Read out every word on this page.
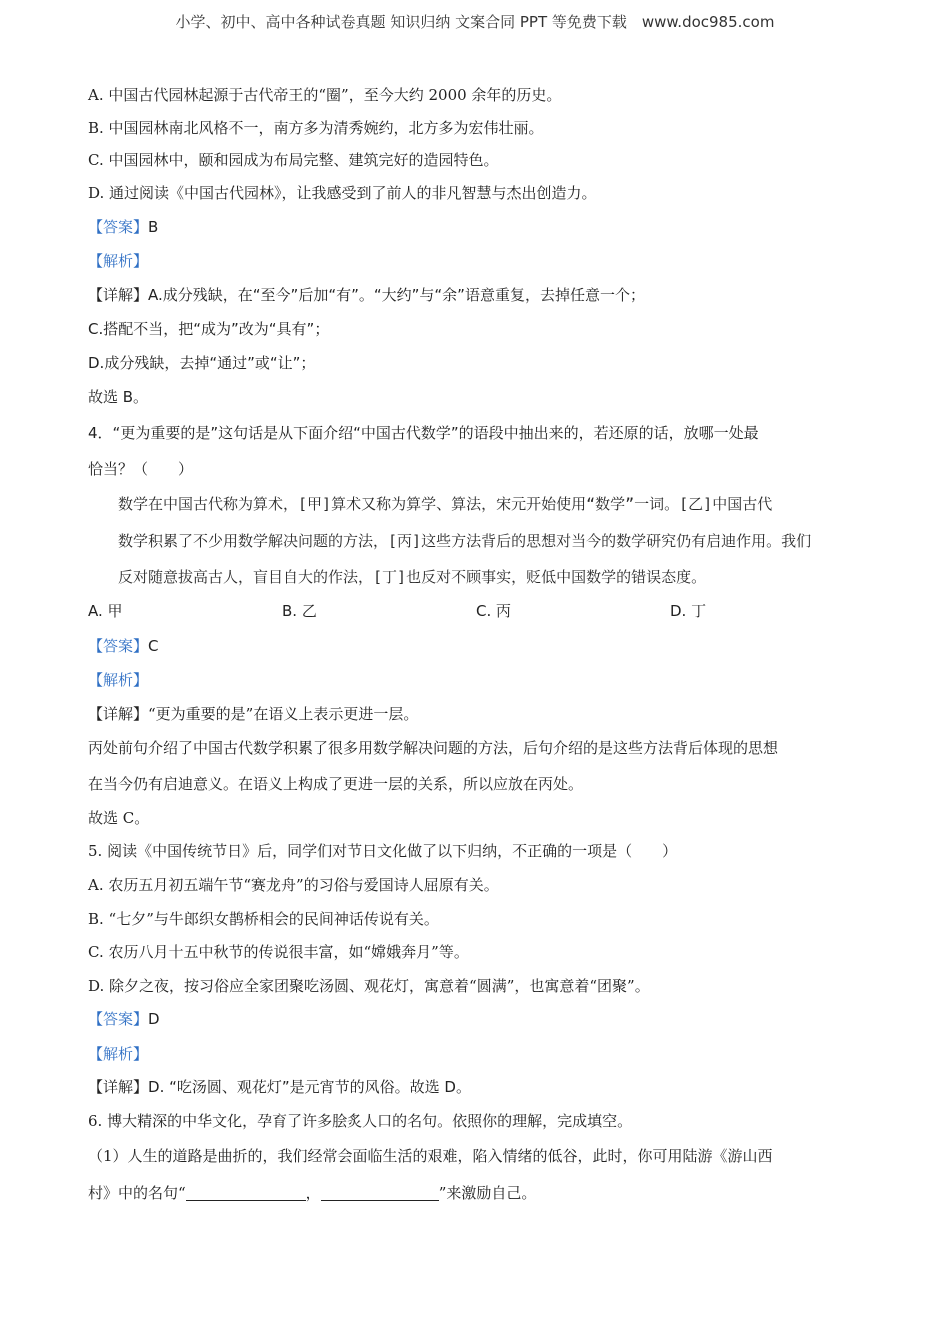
小学、初中、高中各种试卷真题 知识归纳 文案合同 PPT 等免费下载　www.doc985.com
A. 中国古代园林起源于古代帝王的“圈”，至今大约 2000 余年的历史。
B. 中国园林南北风格不一，南方多为清秀婉约，北方多为宏伟壮丽。
C. 中国园林中，颐和园成为布局完整、建筑完好的造园特色。
D. 通过阅读《中国古代园林》，让我感受到了前人的非凡智慧与杰出创造力。
【答案】B
【解析】
【详解】A.成分残缺，在“至今”后加“有”。“大约”与“余”语意重复，去掉任意一个；
C.搭配不当，把“成为”改为“具有”；
D.成分残缺，去掉“通过”或“让”；
故选 B。
4．“更为重要的是”这句话是从下面介绍“中国古代数学”的语段中抽出来的，若还原的话，放哪一处最
恰当？（　　）
数学在中国古代称为算术，[甲]算术又称为算学、算法，宋元开始使用“数学”一词。[乙]中国古代
数学积累了不少用数学解决问题的方法，[丙]这些方法背后的思想对当今的数学研究仍有启迪作用。我们
反对随意拔高古人，盲目自大的作法，[丁]也反对不顾事实，贬低中国数学的错误态度。
A. 甲	B. 乙	C. 丙	D. 丁
【答案】C
【解析】
【详解】“更为重要的是”在语义上表示更进一层。
丙处前句介绍了中国古代数学积累了很多用数学解决问题的方法，后句介绍的是这些方法背后体现的思想
在当今仍有启迪意义。在语义上构成了更进一层的关系，所以应放在丙处。
故选 C。
5. 阅读《中国传统节日》后，同学们对节日文化做了以下归纳，不正确的一项是（　　）
A. 农历五月初五端午节“赛龙舟”的习俗与爱国诗人屈原有关。
B. “七夕”与牛郎织女鹊桥相会的民间神话传说有关。
C. 农历八月十五中秋节的传说很丰富，如“嫦娥奔月”等。
D. 除夕之夜，按习俗应全家团聚吃汤圆、观花灯，寓意着“圆满”，也寓意着“团聚”。
【答案】D
【解析】
【详解】D. “吃汤圆、观花灯”是元宵节的风俗。故选 D。
6. 博大精深的中华文化，孕育了许多脍炙人口的名句。依照你的理解，完成填空。
（1）人生的道路是曲折的，我们经常会面临生活的艰难，陷入情绪的低谷，此时，你可用陆游《游山西
村》中的名句“	，	”来激励自己。
